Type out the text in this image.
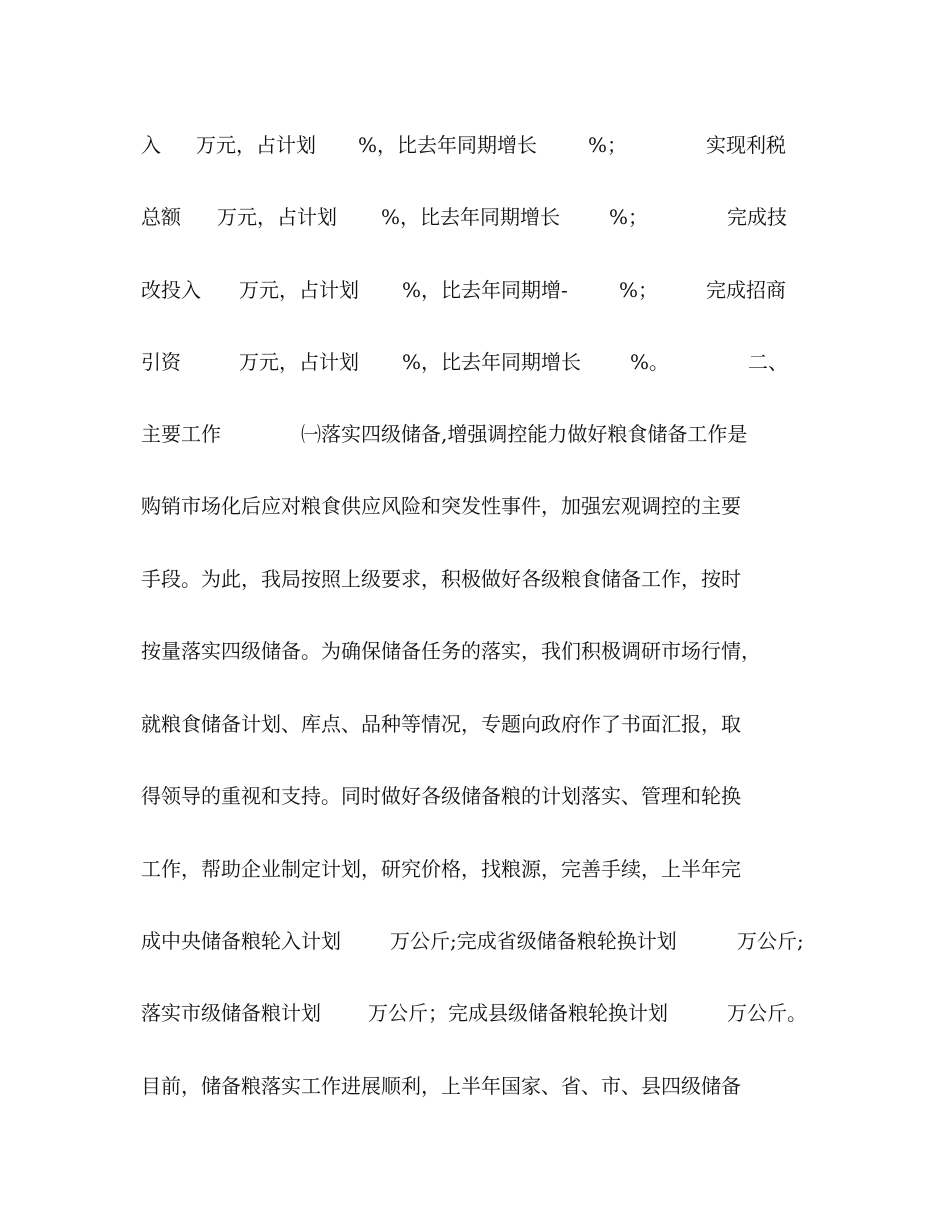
入

万元，占计划

%，比去年同期增长

	%；

	实现利税

总额

万元，占计划

%，比去年同期增长

%；

	完成技

改投入

万元，占计划

%，比去年同期增-

	%；

完成招商

引资

	万元，占计划

%，比去年同期增长

%。

	二、

主要工作

	㈠落实四级储备,增强调控能力做好粮食储备工作是

购销市场化后应对粮食供应风险和突发性事件，加强宏观调控的主要

手段。为此，我局按照上级要求，积极做好各级粮食储备工作，按时

按量落实四级储备。为确保储备任务的落实，我们积极调研市场行情，

就粮食储备计划、库点、品种等情况，专题向政府作了书面汇报，取

得领导的重视和支持。同时做好各级储备粮的计划落实、管理和轮换

工作，帮助企业制定计划，研究价格，找粮源，完善手续，上半年完

成中央储备粮轮入计划

万公斤;完成省级储备粮轮换计划

	万公斤;

落实市级储备粮计划

万公斤；完成县级储备粮轮换计划

	万公斤。

目前，储备粮落实工作进展顺利，上半年国家、省、市、县四级储备
